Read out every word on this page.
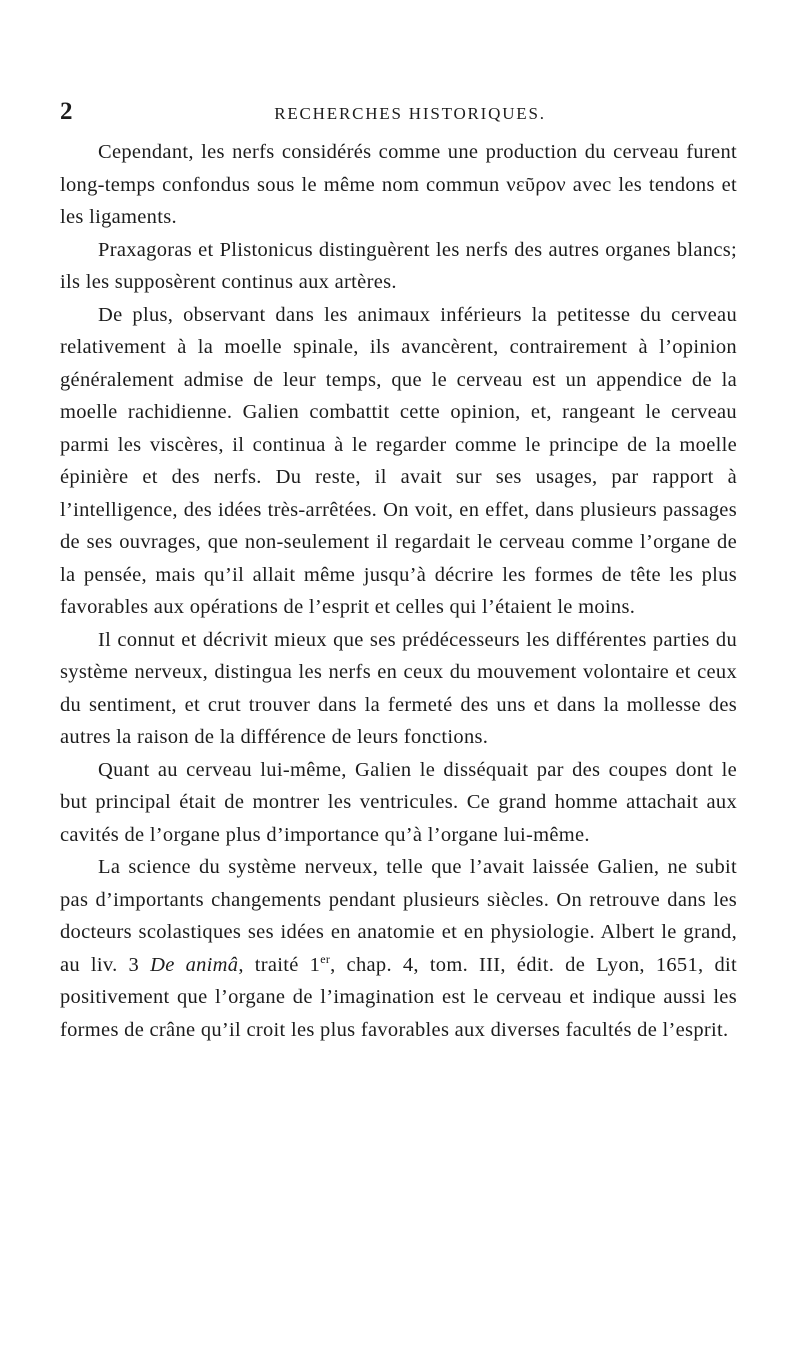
2	RECHERCHES HISTORIQUES.

Cependant, les nerfs considérés comme une production du cerveau furent long-temps confondus sous le même nom commun νεῦρον avec les tendons et les ligaments.

Praxagoras et Plistonicus distinguèrent les nerfs des autres organes blancs; ils les supposèrent continus aux artères.

De plus, observant dans les animaux inférieurs la petitesse du cerveau relativement à la moelle spinale, ils avancèrent, contrairement à l’opinion généralement admise de leur temps, que le cerveau est un appendice de la moelle rachidienne. Galien combattit cette opinion, et, rangeant le cerveau parmi les viscères, il continua à le regarder comme le principe de la moelle épinière et des nerfs. Du reste, il avait sur ses usages, par rapport à l’intelligence, des idées très-arrêtées. On voit, en effet, dans plusieurs passages de ses ouvrages, que non-seulement il regardait le cerveau comme l’organe de la pensée, mais qu’il allait même jusqu’à décrire les formes de tête les plus favorables aux opérations de l’esprit et celles qui l’étaient le moins.

Il connut et décrivit mieux que ses prédécesseurs les différentes parties du système nerveux, distingua les nerfs en ceux du mouvement volontaire et ceux du sentiment, et crut trouver dans la fermeté des uns et dans la mollesse des autres la raison de la différence de leurs fonctions.

Quant au cerveau lui-même, Galien le disséquait par des coupes dont le but principal était de montrer les ventricules. Ce grand homme attachait aux cavités de l’organe plus d’importance qu’à l’organe lui-même.

La science du système nerveux, telle que l’avait laissée Galien, ne subit pas d’importants changements pendant plusieurs siècles. On retrouve dans les docteurs scolastiques ses idées en anatomie et en physiologie. Albert le grand, au liv. 3 De animâ, traité 1er, chap. 4, tom. III, édit. de Lyon, 1651, dit positivement que l’organe de l’imagination est le cerveau et indique aussi les formes de crâne qu’il croit les plus favorables aux diverses facultés de l’esprit.
